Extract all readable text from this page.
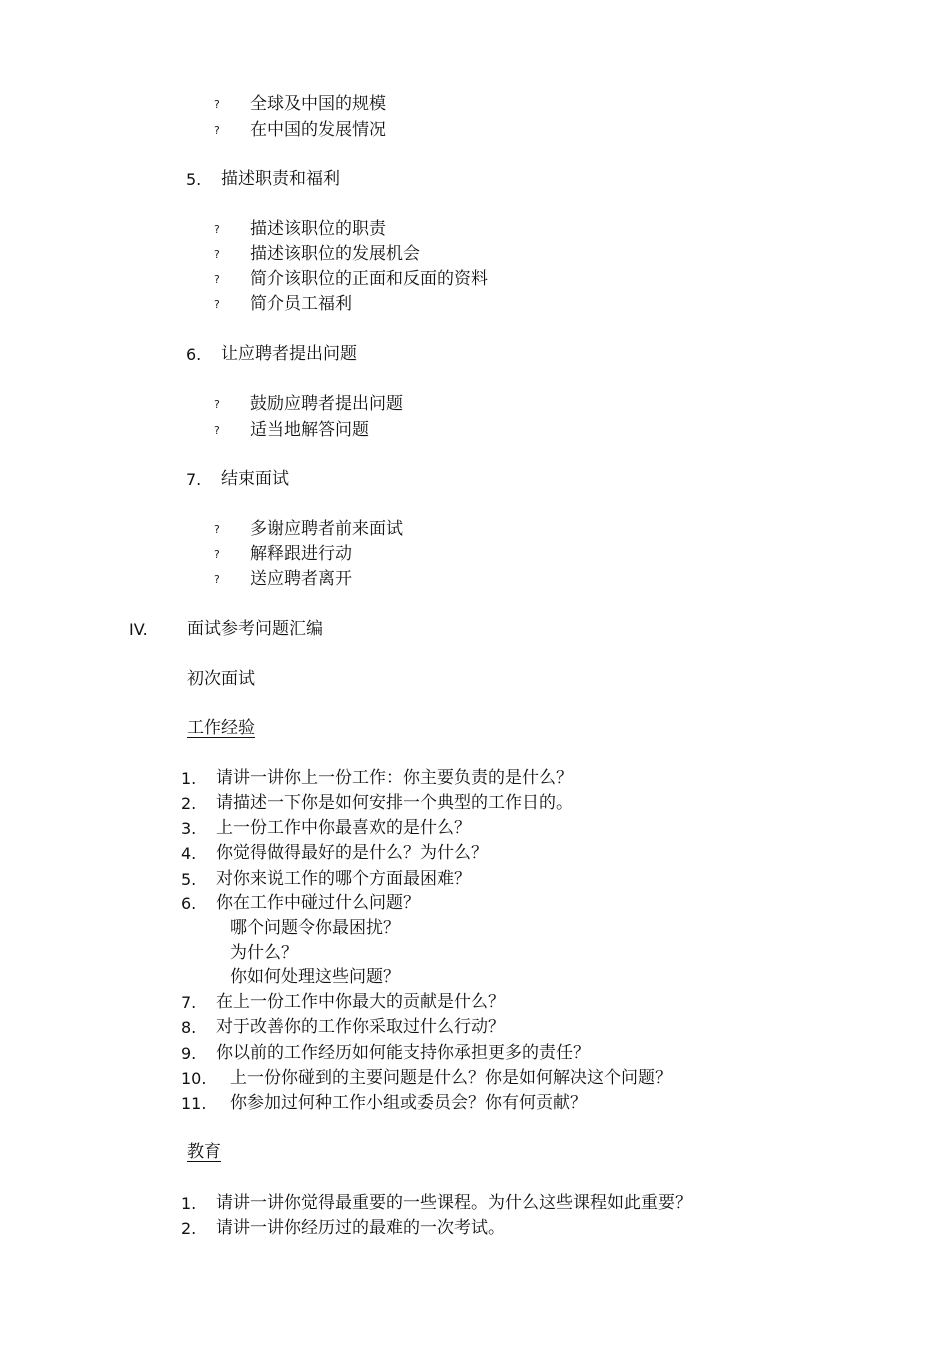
? 全球及中国的规模
? 在中国的发展情况
5. 描述职责和福利
? 描述该职位的职责
? 描述该职位的发展机会
? 简介该职位的正面和反面的资料
? 简介员工福利
6. 让应聘者提出问题
? 鼓励应聘者提出问题
? 适当地解答问题
7. 结束面试
? 多谢应聘者前来面试
? 解释跟进行动
? 送应聘者离开
IV. 面试参考问题汇编
初次面试
工作经验
1. 请讲一讲你上一份工作：你主要负责的是什么？
2. 请描述一下你是如何安排一个典型的工作日的。
3. 上一份工作中你最喜欢的是什么？
4. 你觉得做得最好的是什么？为什么？
5. 对你来说工作的哪个方面最困难？
6. 你在工作中碰过什么问题？
哪个问题令你最困扰？
为什么？
你如何处理这些问题？
7. 在上一份工作中你最大的贡献是什么？
8. 对于改善你的工作你采取过什么行动？
9. 你以前的工作经历如何能支持你承担更多的责任？
10. 上一份你碰到的主要问题是什么？你是如何解决这个问题？
11. 你参加过何种工作小组或委员会？你有何贡献？
教育
1. 请讲一讲你觉得最重要的一些课程。为什么这些课程如此重要？
2. 请讲一讲你经历过的最难的一次考试。
